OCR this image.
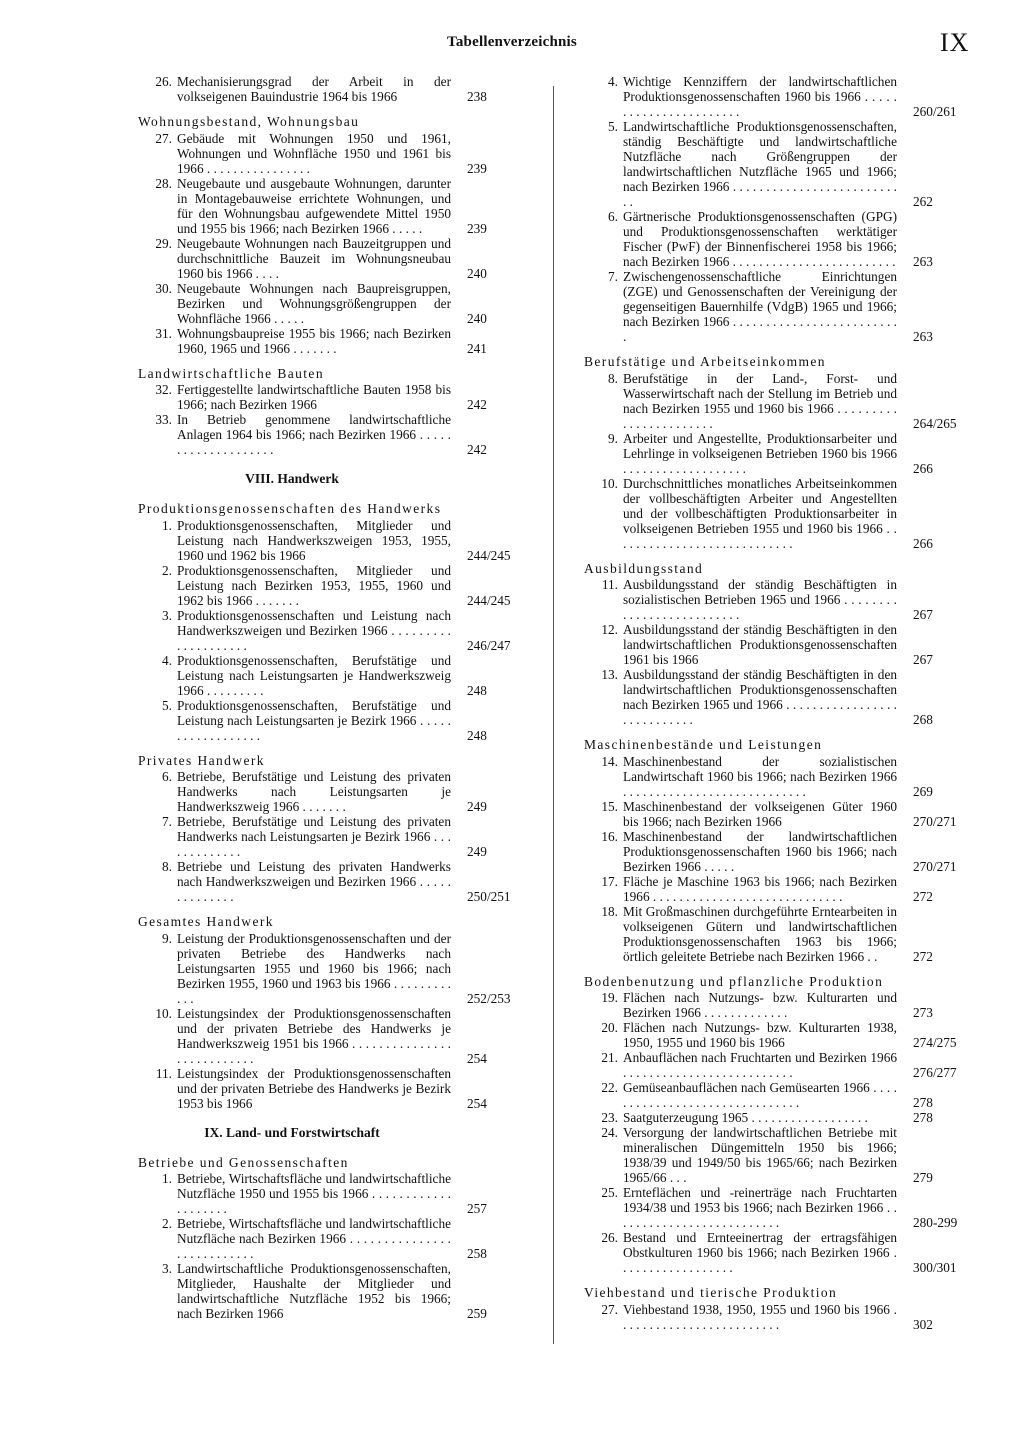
Tabellenverzeichnis	IX
26. Mechanisierungsgrad der Arbeit in der volkseigenen Bauindustrie 1964 bis 1966	238
Wohnungsbestand, Wohnungsbau
27. Gebäude mit Wohnungen 1950 und 1961, Wohnungen und Wohnfläche 1950 und 1961 bis 1966 . . . . . . . . . . . . . . . .	239
28. Neugebaute und ausgebaute Wohnungen, darunter in Montagebauweise errichtete Wohnungen, und für den Wohnungsbau aufgewendete Mittel 1950 und 1955 bis 1966; nach Bezirken 1966 . . . . .	239
29. Neugebaute Wohnungen nach Bauzeitgruppen und durchschnittliche Bauzeit im Wohnungsneubau 1960 bis 1966 . . . .	240
30. Neugebaute Wohnungen nach Baupreisgruppen, Bezirken und Wohnungsgrößengruppen der Wohnfläche 1966 . . . . .	240
31. Wohnungsbaupreise 1955 bis 1966; nach Bezirken 1960, 1965 und 1966 . . . . . . .	241
Landwirtschaftliche Bauten
32. Fertiggestellte landwirtschaftliche Bauten 1958 bis 1966; nach Bezirken 1966	242
33. In Betrieb genommene landwirtschaftliche Anlagen 1964 bis 1966; nach Bezirken 1966 . . . . . . . . . . . . . . . . . . . .	242
VIII. Handwerk
Produktionsgenossenschaften des Handwerks
1. Produktionsgenossenschaften, Mitglieder und Leistung nach Handwerkszweigen 1953, 1955, 1960 und 1962 bis 1966	244/245
2. Produktionsgenossenschaften, Mitglieder und Leistung nach Bezirken 1953, 1955, 1960 und 1962 bis 1966 . . . . . . .	244/245
3. Produktionsgenossenschaften und Leistung nach Handwerkszweigen und Bezirken 1966 . . . . . . . . . . . . . . . . . . . .	246/247
4. Produktionsgenossenschaften, Berufstätige und Leistung nach Leistungsarten je Handwerkszweig 1966 . . . . . . . . .	248
5. Produktionsgenossenschaften, Berufstätige und Leistung nach Leistungsarten je Bezirk 1966 . . . . . . . . . . . . . . . . . .	248
Privates Handwerk
6. Betriebe, Berufstätige und Leistung des privaten Handwerks nach Leistungsarten je Handwerkszweig 1966 . . . . . . .	249
7. Betriebe, Berufstätige und Leistung des privaten Handwerks nach Leistungsarten je Bezirk 1966 . . . . . . . . . . . . .	249
8. Betriebe und Leistung des privaten Handwerks nach Handwerkszweigen und Bezirken 1966 . . . . . . . . . . . . . .	250/251
Gesamtes Handwerk
9. Leistung der Produktionsgenossenschaften und der privaten Betriebe des Handwerks nach Leistungsarten 1955 und 1960 bis 1966; nach Bezirken 1955, 1960 und 1963 bis 1966 . . . . . . . . . . . .	252/253
10. Leistungsindex der Produktionsgenossenschaften und der privaten Betriebe des Handwerks je Handwerkszweig 1951 bis 1966 . . . . . . . . . . . . . . . . . . . . . . . . . . .	254
11. Leistungsindex der Produktionsgenossenschaften und der privaten Betriebe des Handwerks je Bezirk 1953 bis 1966	254
IX. Land- und Forstwirtschaft
Betriebe und Genossenschaften
1. Betriebe, Wirtschaftsfläche und landwirtschaftliche Nutzfläche 1950 und 1955 bis 1966 . . . . . . . . . . . . . . . . . . . .	257
2. Betriebe, Wirtschaftsfläche und landwirtschaftliche Nutzfläche nach Bezirken 1966 . . . . . . . . . . . . . . . . . . . . . . . . . . .	258
3. Landwirtschaftliche Produktionsgenossenschaften, Mitglieder, Haushalte der Mitglieder und landwirtschaftliche Nutzfläche 1952 bis 1966; nach Bezirken 1966	259
4. Wichtige Kennziffern der landwirtschaftlichen Produktionsgenossenschaften 1960 bis 1966 . . . . . . . . . . . . . . . . . . . . . . .	260/261
5. Landwirtschaftliche Produktionsgenossenschaften, ständig Beschäftigte und landwirtschaftliche Nutzfläche nach Größengruppen der landwirtschaftlichen Nutzfläche 1965 und 1966; nach Bezirken 1966 . . . . . . . . . . . . . . . . . . . . . . . . . . .	262
6. Gärtnerische Produktionsgenossenschaften (GPG) und Produktionsgenossenschaften werktätiger Fischer (PwF) der Binnenfischerei 1958 bis 1966; nach Bezirken 1966 . . . . . . . . . . . . . . . . . . . . . . . . .	263
7. Zwischengenossenschaftliche Einrichtungen (ZGE) und Genossenschaften der Vereinigung der gegenseitigen Bauernhilfe (VdgB) 1965 und 1966; nach Bezirken 1966 . . . . . . . . . . . . . . . . . . . . . . . . . .	263
Berufstätige und Arbeitseinkommen
8. Berufstätige in der Land-, Forst- und Wasserwirtschaft nach der Stellung im Betrieb und nach Bezirken 1955 und 1960 bis 1966 . . . . . . . . . . . . . . . . . . . . . . .	264/265
9. Arbeiter und Angestellte, Produktionsarbeiter und Lehrlinge in volkseigenen Betrieben 1960 bis 1966 . . . . . . . . . . . . . . . . . . .	266
10. Durchschnittliches monatliches Arbeitseinkommen der vollbeschäftigten Arbeiter und Angestellten und der vollbeschäftigten Produktionsarbeiter in volkseigenen Betrieben 1955 und 1960 bis 1966 . . . . . . . . . . . . . . . . . . . . . . . . . . . .	266
Ausbildungsstand
11. Ausbildungsstand der ständig Beschäftigten in sozialistischen Betrieben 1965 und 1966 . . . . . . . . . . . . . . . . . . . . . . . . . .	267
12. Ausbildungsstand der ständig Beschäftigten in den landwirtschaftlichen Produktionsgenossenschaften 1961 bis 1966	267
13. Ausbildungsstand der ständig Beschäftigten in den landwirtschaftlichen Produktionsgenossenschaften nach Bezirken 1965 und 1966 . . . . . . . . . . . . . . . . . . . . . . . . . . . .	268
Maschinenbestände und Leistungen
14. Maschinenbestand der sozialistischen Landwirtschaft 1960 bis 1966; nach Bezirken 1966 . . . . . . . . . . . . . . . . . . . . . . . . . . . .	269
15. Maschinenbestand der volkseigenen Güter 1960 bis 1966; nach Bezirken 1966	270/271
16. Maschinenbestand der landwirtschaftlichen Produktionsgenossenschaften 1960 bis 1966; nach Bezirken 1966 . . . . .	270/271
17. Fläche je Maschine 1963 bis 1966; nach Bezirken 1966 . . . . . . . . . . . . . . . . . . . . . . . . . . . . .	272
18. Mit Großmaschinen durchgeführte Erntearbeiten in volkseigenen Gütern und landwirtschaftlichen Produktionsgenossenschaften 1963 bis 1966; örtlich geleitete Betriebe nach Bezirken 1966 . .	272
Bodenbenutzung und pflanzliche Produktion
19. Flächen nach Nutzungs- bzw. Kulturarten und Bezirken 1966 . . . . . . . . . . . . .	273
20. Flächen nach Nutzungs- bzw. Kulturarten 1938, 1950, 1955 und 1960 bis 1966	274/275
21. Anbauflächen nach Fruchtarten und Bezirken 1966 . . . . . . . . . . . . . . . . . . . . . . . . . .	276/277
22. Gemüseanbauflächen nach Gemüsearten 1966 . . . . . . . . . . . . . . . . . . . . . . . . . . . . . . .	278
23. Saatguterzeugung 1965 . . . . . . . . . . . . . . . . . .	278
24. Versorgung der landwirtschaftlichen Betriebe mit mineralischen Düngemitteln 1950 bis 1966; 1938/39 und 1949/50 bis 1965/66; nach Bezirken 1965/66 . . .	279
25. Ernteflächen und -reinerträge nach Fruchtarten 1934/38 und 1953 bis 1966; nach Bezirken 1966 . . . . . . . . . . . . . . . . . . . . . . . . . .	280-299
26. Bestand und Ernteeinertrag der ertragsfähigen Obstkulturen 1960 bis 1966; nach Bezirken 1966 . . . . . . . . . . . . . . . . . .	300/301
Viehbestand und tierische Produktion
27. Viehbestand 1938, 1950, 1955 und 1960 bis 1966 . . . . . . . . . . . . . . . . . . . . . . . . .	302
